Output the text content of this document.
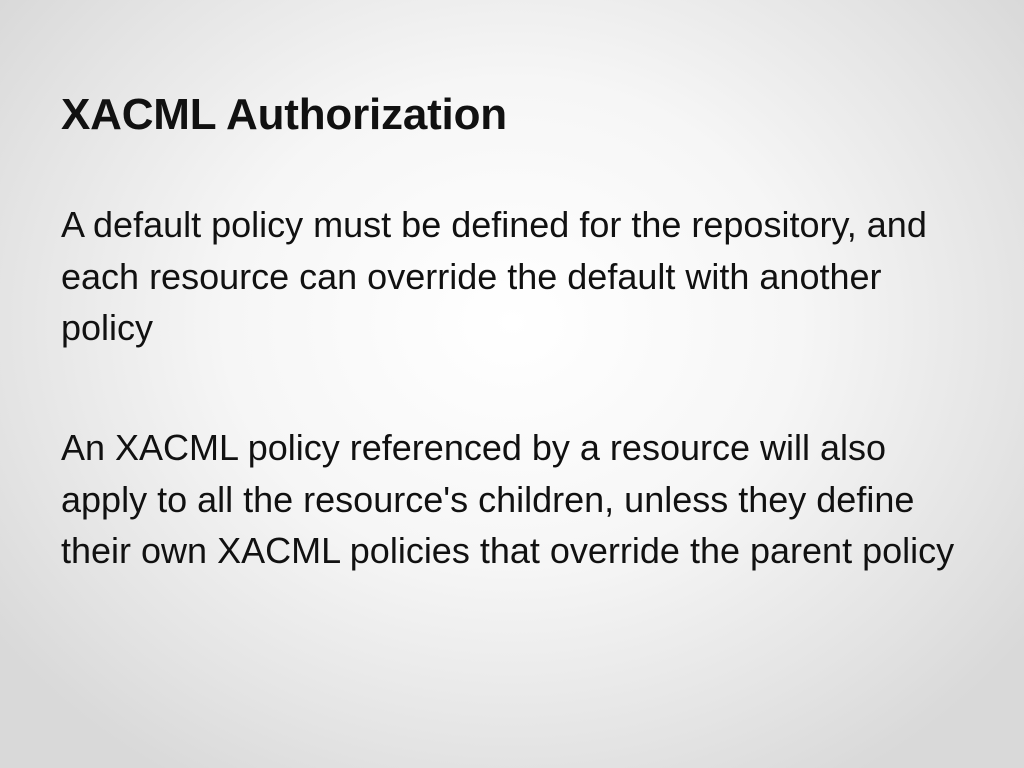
XACML Authorization

A default policy must be defined for the repository, and each resource can override the default with another policy

An XACML policy referenced by a resource will also apply to all the resource's children, unless they define their own XACML policies that override the parent policy
